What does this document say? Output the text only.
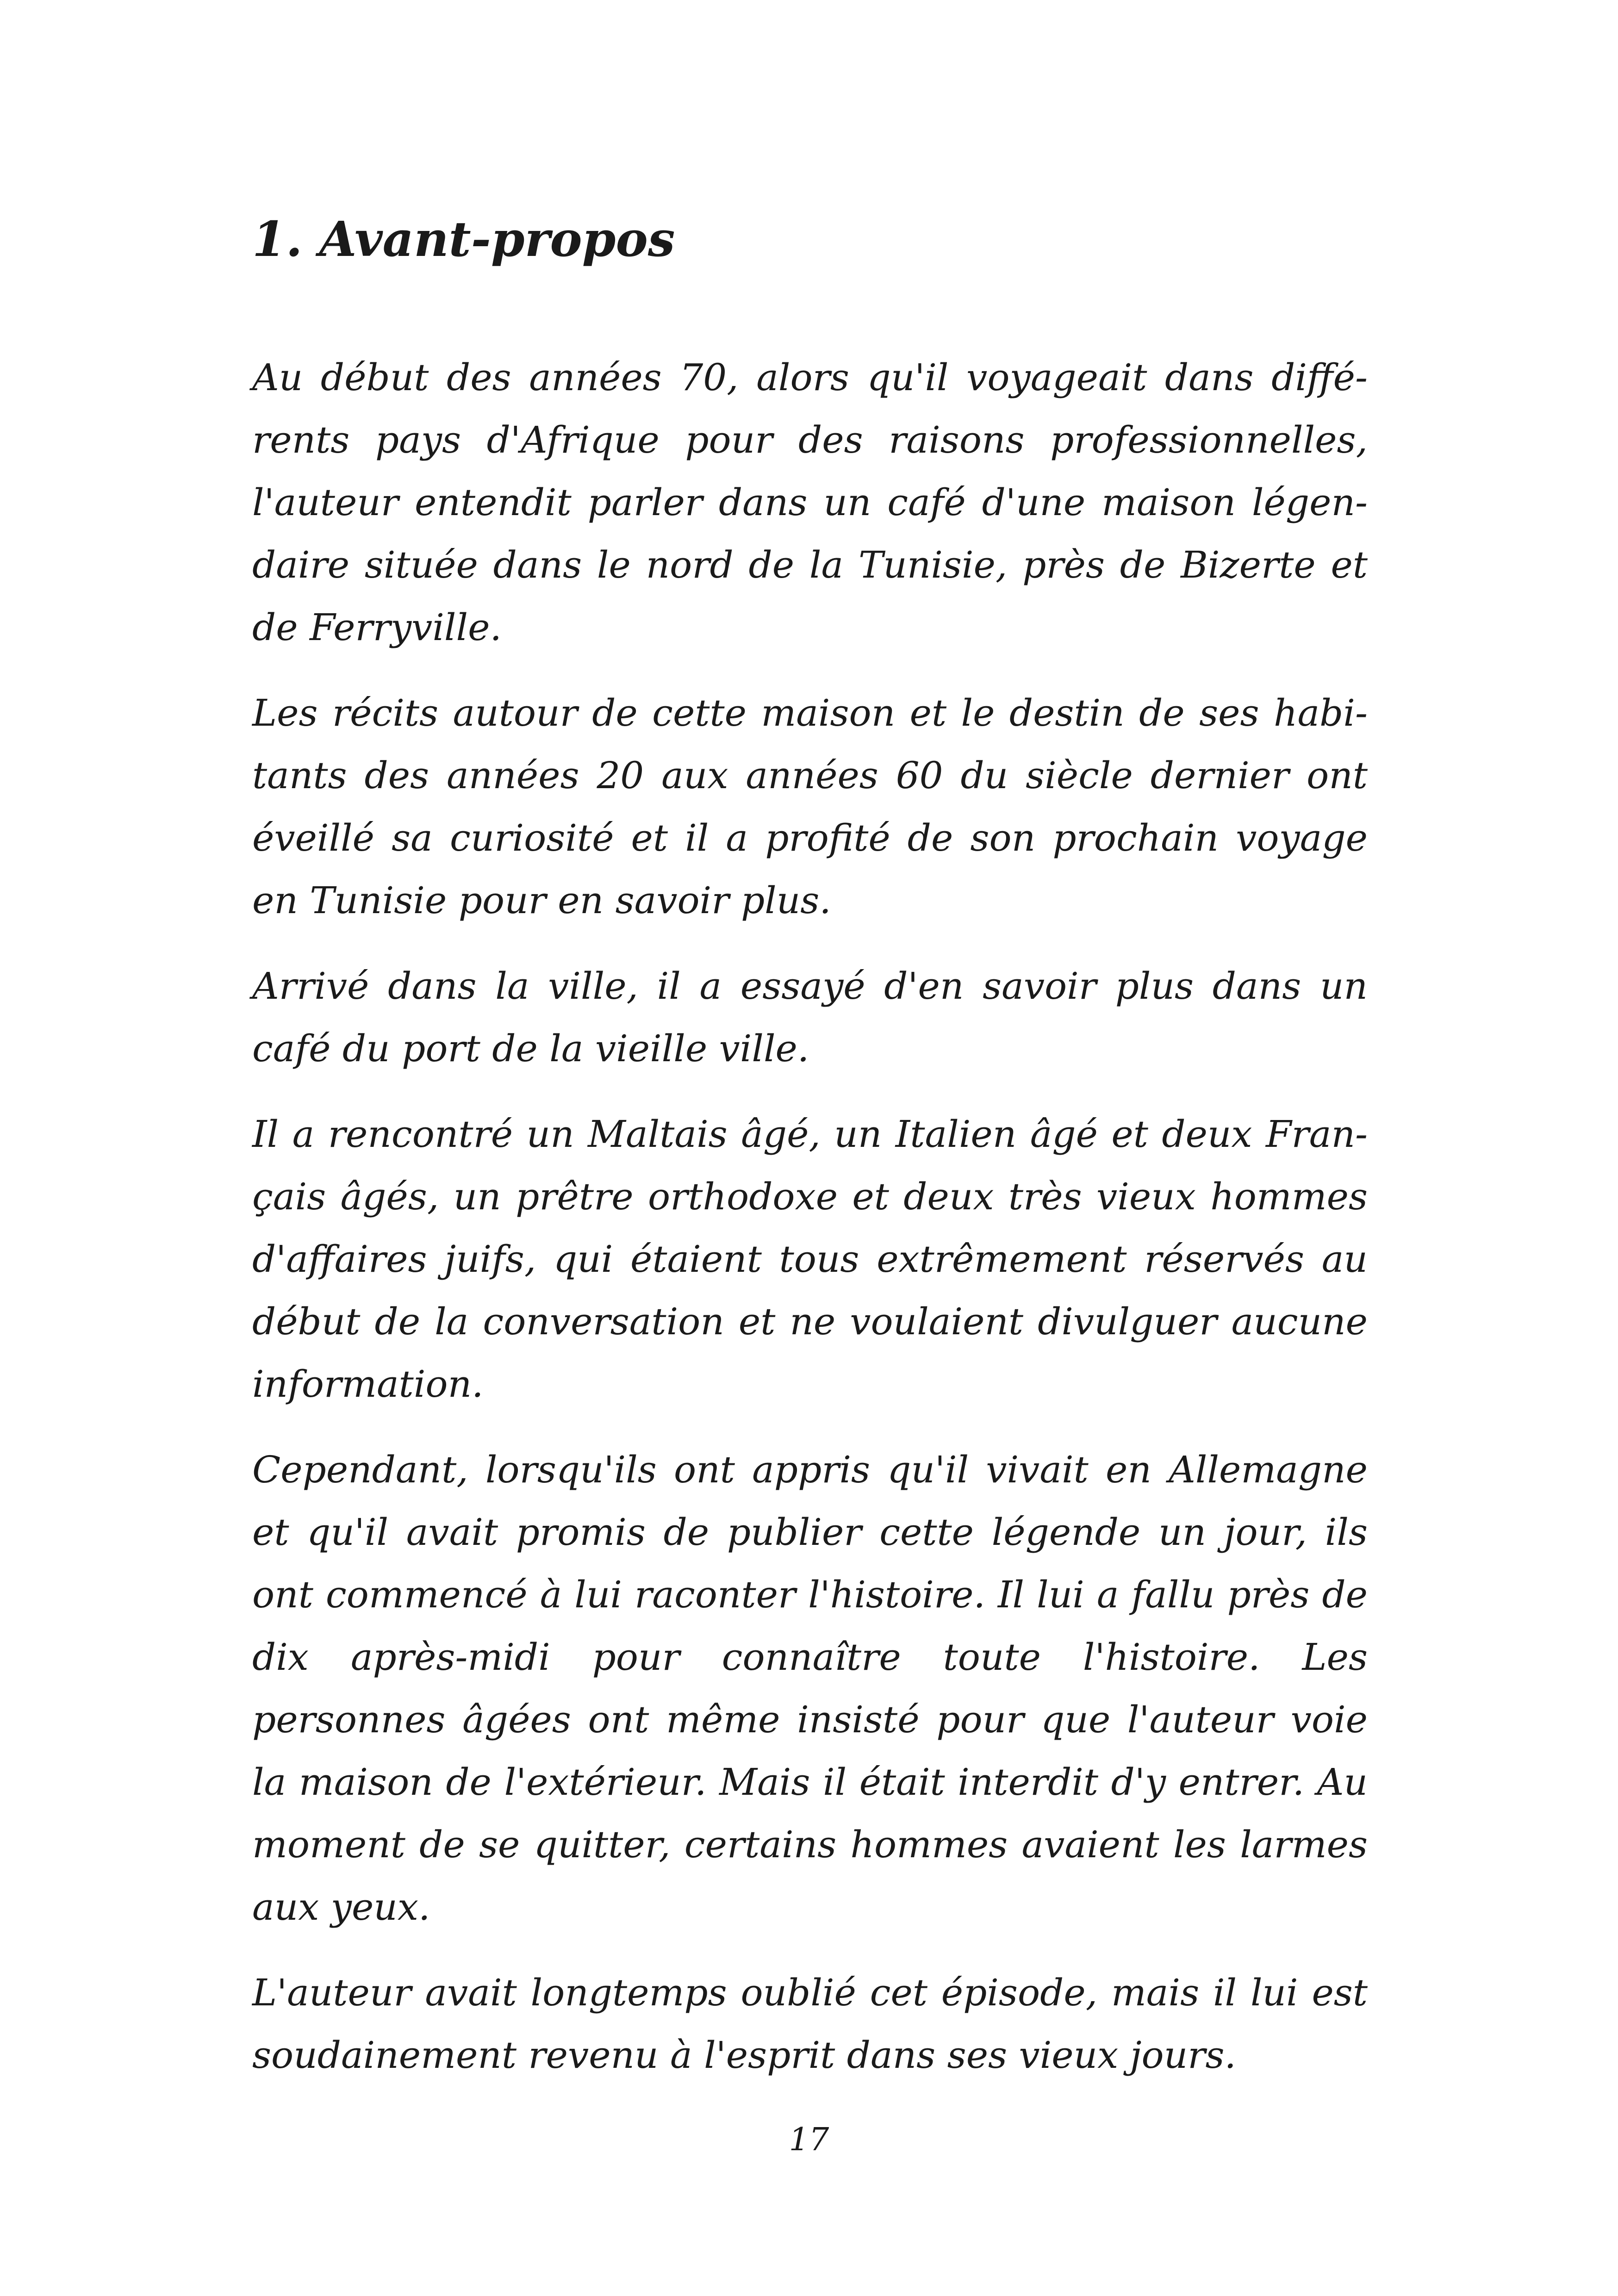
1. Avant-propos

Au début des années 70, alors qu'il voyageait dans différents pays d'Afrique pour des raisons professionnelles, l'auteur entendit parler dans un café d'une maison légendaire située dans le nord de la Tunisie, près de Bizerte et de Ferryville.

Les récits autour de cette maison et le destin de ses habitants des années 20 aux années 60 du siècle dernier ont éveillé sa curiosité et il a profité de son prochain voyage en Tunisie pour en savoir plus.

Arrivé dans la ville, il a essayé d'en savoir plus dans un café du port de la vieille ville.

Il a rencontré un Maltais âgé, un Italien âgé et deux Français âgés, un prêtre orthodoxe et deux très vieux hommes d'affaires juifs, qui étaient tous extrêmement réservés au début de la conversation et ne voulaient divulguer aucune information.

Cependant, lorsqu'ils ont appris qu'il vivait en Allemagne et qu'il avait promis de publier cette légende un jour, ils ont commencé à lui raconter l'histoire. Il lui a fallu près de dix après-midi pour connaître toute l'histoire. Les personnes âgées ont même insisté pour que l'auteur voie la maison de l'extérieur. Mais il était interdit d'y entrer. Au moment de se quitter, certains hommes avaient les larmes aux yeux.

L'auteur avait longtemps oublié cet épisode, mais il lui est soudainement revenu à l'esprit dans ses vieux jours.

17
